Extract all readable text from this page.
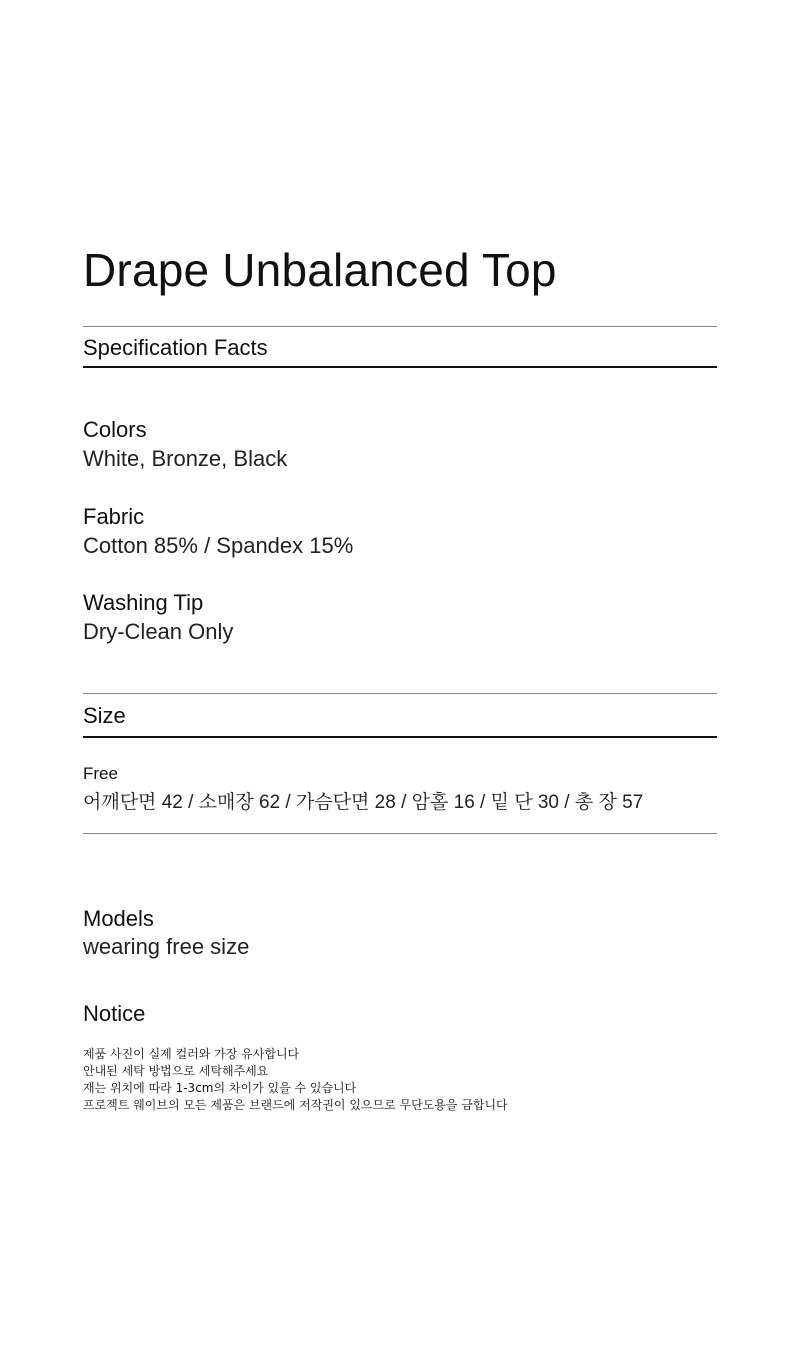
Drape Unbalanced Top
Specification Facts
Colors
White, Bronze, Black
Fabric
Cotton 85% / Spandex 15%
Washing Tip
Dry-Clean Only
Size
Free
어깨단면 42 / 소매장 62 / 가슴단면 28 / 암홀 16 / 밑 단 30 / 총 장 57
Models
wearing free size
Notice
제품 사진이 실제 컬러와 가장 유사합니다
안내된 세탁 방법으로 세탁해주세요
재는 위치에 따라 1-3cm의 차이가 있을 수 있습니다
프로젝트 웨이브의 모든 제품은 브랜드에 저작권이 있으므로 무단도용을 금합니다
